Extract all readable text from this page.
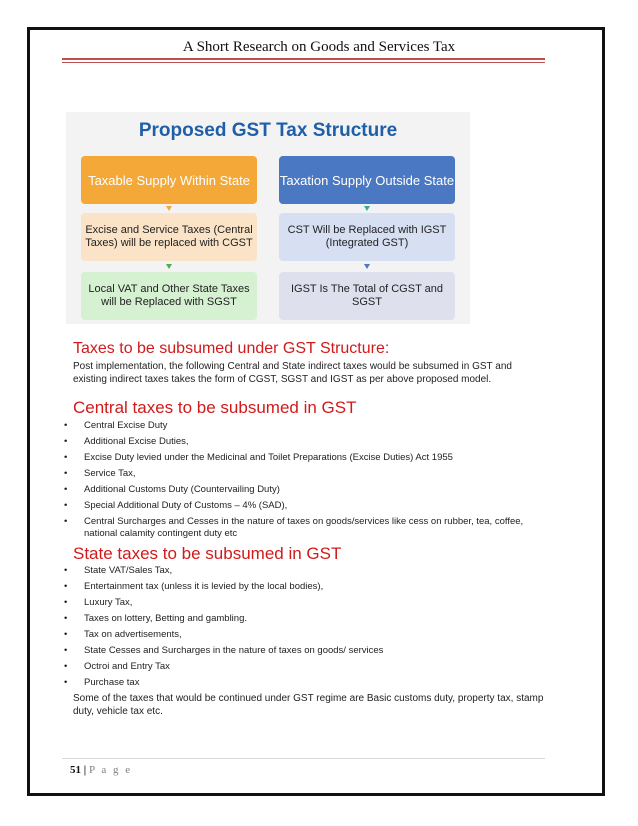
A Short Research on Goods and Services Tax
Proposed GST Tax Structure
Taxable Supply Within State	Taxation Supply Outside State
Excise and Service Taxes (Central Taxes) will be replaced with CGST
CST Will be Replaced with IGST (Integrated GST)
Local VAT and Other State Taxes will be Replaced with SGST
IGST Is The Total of CGST and SGST
Taxes to be subsumed under GST Structure:
Post implementation, the following Central and State indirect taxes would be subsumed in GST and existing indirect taxes takes the form of CGST, SGST and IGST as per above proposed model.
Central taxes to be subsumed in GST
• Central Excise Duty
• Additional Excise Duties,
• Excise Duty levied under the Medicinal and Toilet Preparations (Excise Duties) Act 1955
• Service Tax,
• Additional Customs Duty (Countervailing Duty)
• Special Additional Duty of Customs – 4% (SAD),
• Central Surcharges and Cesses in the nature of taxes on goods/services like cess on rubber, tea, coffee, national calamity contingent duty etc
State taxes to be subsumed in GST
• State VAT/Sales Tax,
• Entertainment tax (unless it is levied by the local bodies),
• Luxury Tax,
• Taxes on lottery, Betting and gambling.
• Tax on advertisements,
• State Cesses and Surcharges in the nature of taxes on goods/ services
• Octroi and Entry Tax
• Purchase tax
Some of the taxes that would be continued under GST regime are Basic customs duty, property tax, stamp duty, vehicle tax etc.
51 | P a g e
